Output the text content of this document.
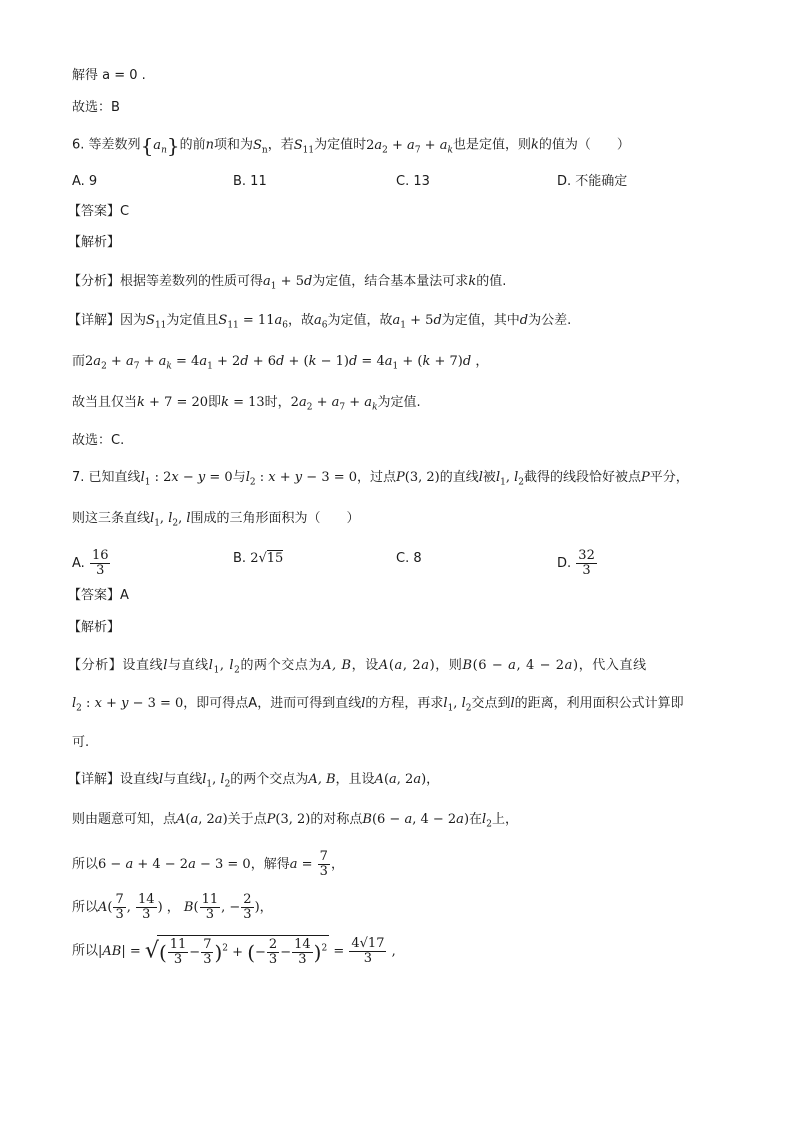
解得 a = 0 .
故选：B
6. 等差数列$\{a_n\}$的前n项和为$S_n$，若$S_{11}$为定值时$2a_2 + a_7 + a_k$也是定值，则k的值为（　　）
A. 9	B. 11	C. 13	D. 不能确定
【答案】C
【解析】
【分析】根据等差数列的性质可得$a_1 + 5d$为定值，结合基本量法可求k的值.
【详解】因为$S_{11}$为定值且$S_{11} = 11a_6$，故$a_6$为定值，故$a_1 + 5d$为定值，其中d为公差.
而$2a_2 + a_7 + a_k = 4a_1 + 2d + 6d + (k - 1)d = 4a_1 + (k + 7)d$ ，
故当且仅当k + 7 = 20即k = 13时，$2a_2 + a_7 + a_k$为定值.
故选：C.
7. 已知直线$l_1$ : 2x − y = 0与$l_2$ : x + y − 3 = 0，过点P(3, 2)的直线l被$l_1$, $l_2$截得的线段恰好被点P平分，
则这三条直线$l_1$, $l_2$, l围成的三角形面积为（　　）
A. $\frac{16}{3}$	B. 2√15	C. 8	D. $\frac{32}{3}$
【答案】A
【解析】
【分析】设直线l与直线$l_1$, $l_2$的两个交点为A, B，设A(a, 2a)，则B(6 − a, 4 − 2a)，代入直线
$l_2$ : x + y − 3 = 0，即可得点A，进而可得到直线l的方程，再求$l_1$, $l_2$交点到l的距离，利用面积公式计算即
可.
【详解】设直线l与直线$l_1$, $l_2$的两个交点为A, B，且设A(a, 2a)，
则由题意可知，点A(a, 2a)关于点P(3, 2)的对称点B(6 − a, 4 − 2a)在$l_2$上，
所以6 − a + 4 − 2a − 3 = 0，解得$a = \frac{7}{3}$ ，
所以$A( \frac{7}{3}$ , $\frac{14}{3}$ ) ， $B( \frac{11}{3}$ , − $\frac{2}{3}$ )，
所以|AB| = √( $\frac{11}{3} - \frac{7}{3} )^2$ + (− $\frac{2}{3} - \frac{14}{3} )^2 = \frac{4√17}{3}$ ,
